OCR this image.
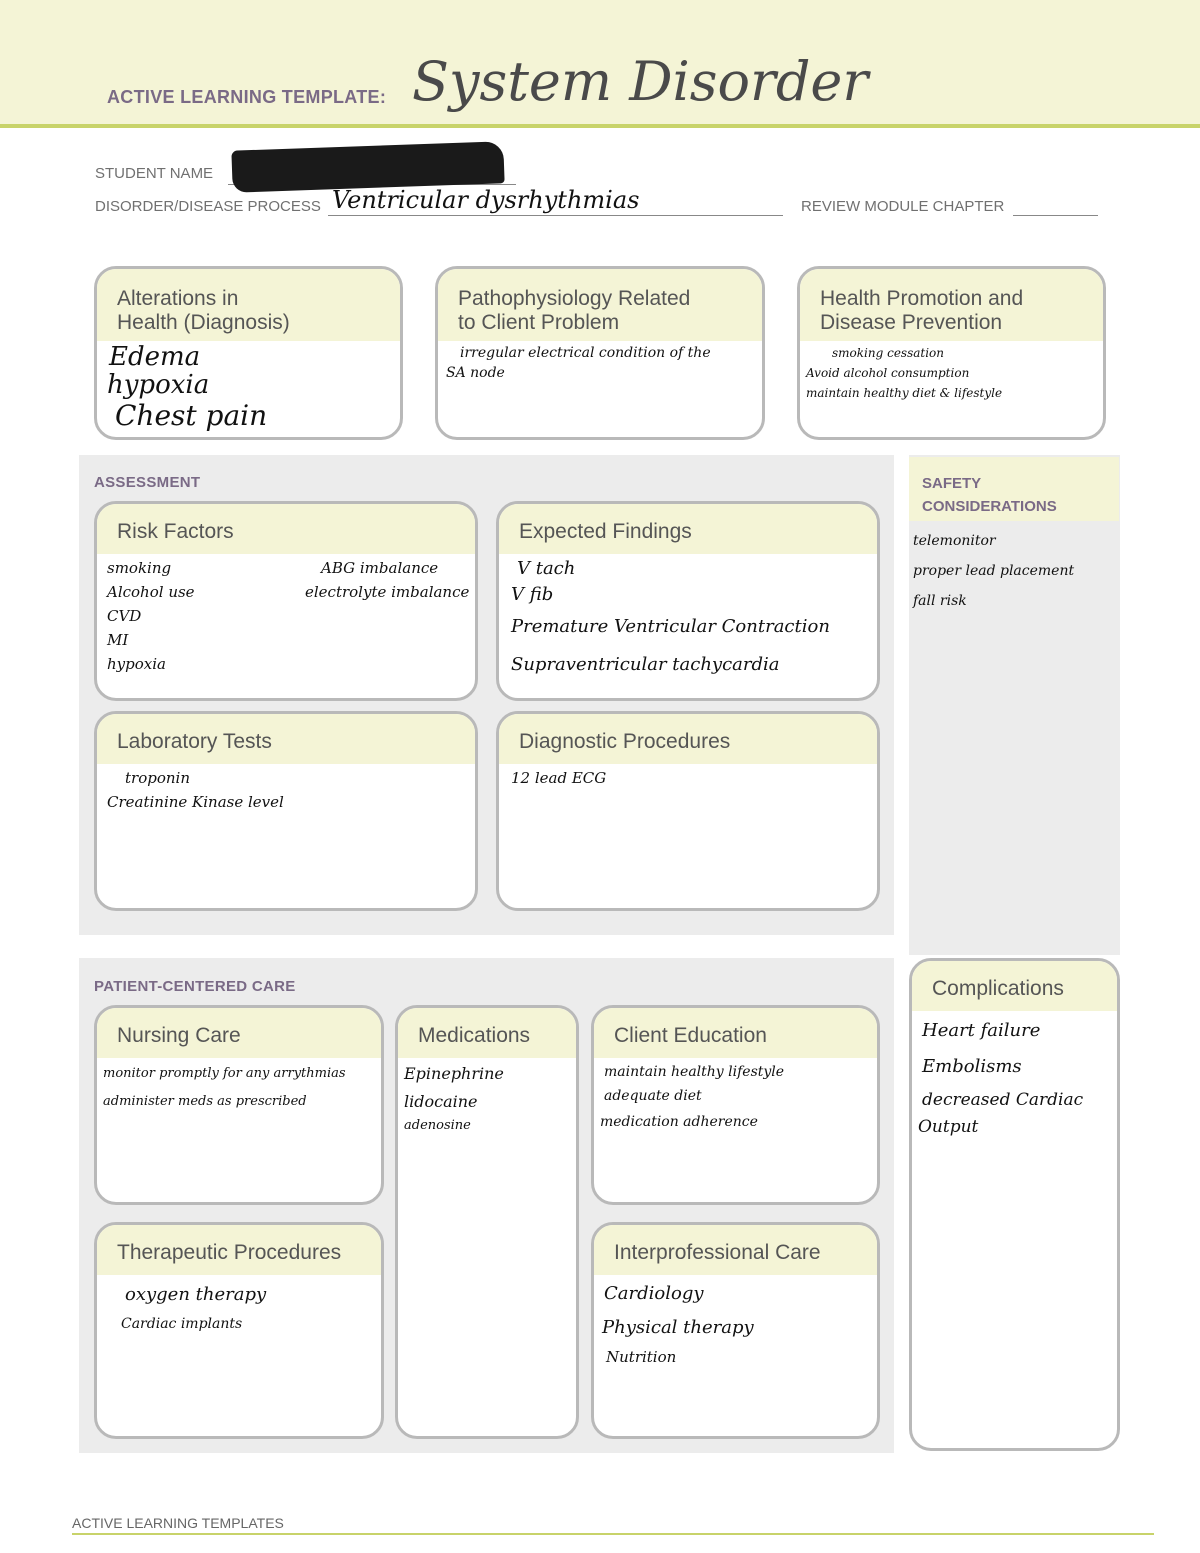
ACTIVE LEARNING TEMPLATE: System Disorder
STUDENT NAME
DISORDER/DISEASE PROCESS Ventricular dysrhythmias	REVIEW MODULE CHAPTER
Alterations in
Health (Diagnosis)
Edema
hypoxia
Chest pain
Pathophysiology Related
to Client Problem
irregular electrical condition of the
SA node
Health Promotion and
Disease Prevention
smoking cessation
Avoid alcohol consumption
maintain healthy diet & lifestyle
ASSESSMENT
Risk Factors
smoking
Alcohol use
CVD
MI
hypoxia
ABG imbalance
electrolyte imbalance
Expected Findings
V tach
V fib
Premature Ventricular Contraction
Supraventricular tachycardia
Laboratory Tests
troponin
Creatinine Kinase level
Diagnostic Procedures
12 lead ECG
SAFETY
CONSIDERATIONS
telemonitor
proper lead placement
fall risk
PATIENT-CENTERED CARE
Nursing Care
monitor promptly for any arrythmias
administer meds as prescribed
Medications
Epinephrine
lidocaine
adenosine
Client Education
maintain healthy lifestyle
adequate diet
medication adherence
Therapeutic Procedures
oxygen therapy
Cardiac implants
Interprofessional Care
Cardiology
Physical therapy
Nutrition
Complications
Heart failure
Embolisms
decreased Cardiac
Output
ACTIVE LEARNING TEMPLATES
